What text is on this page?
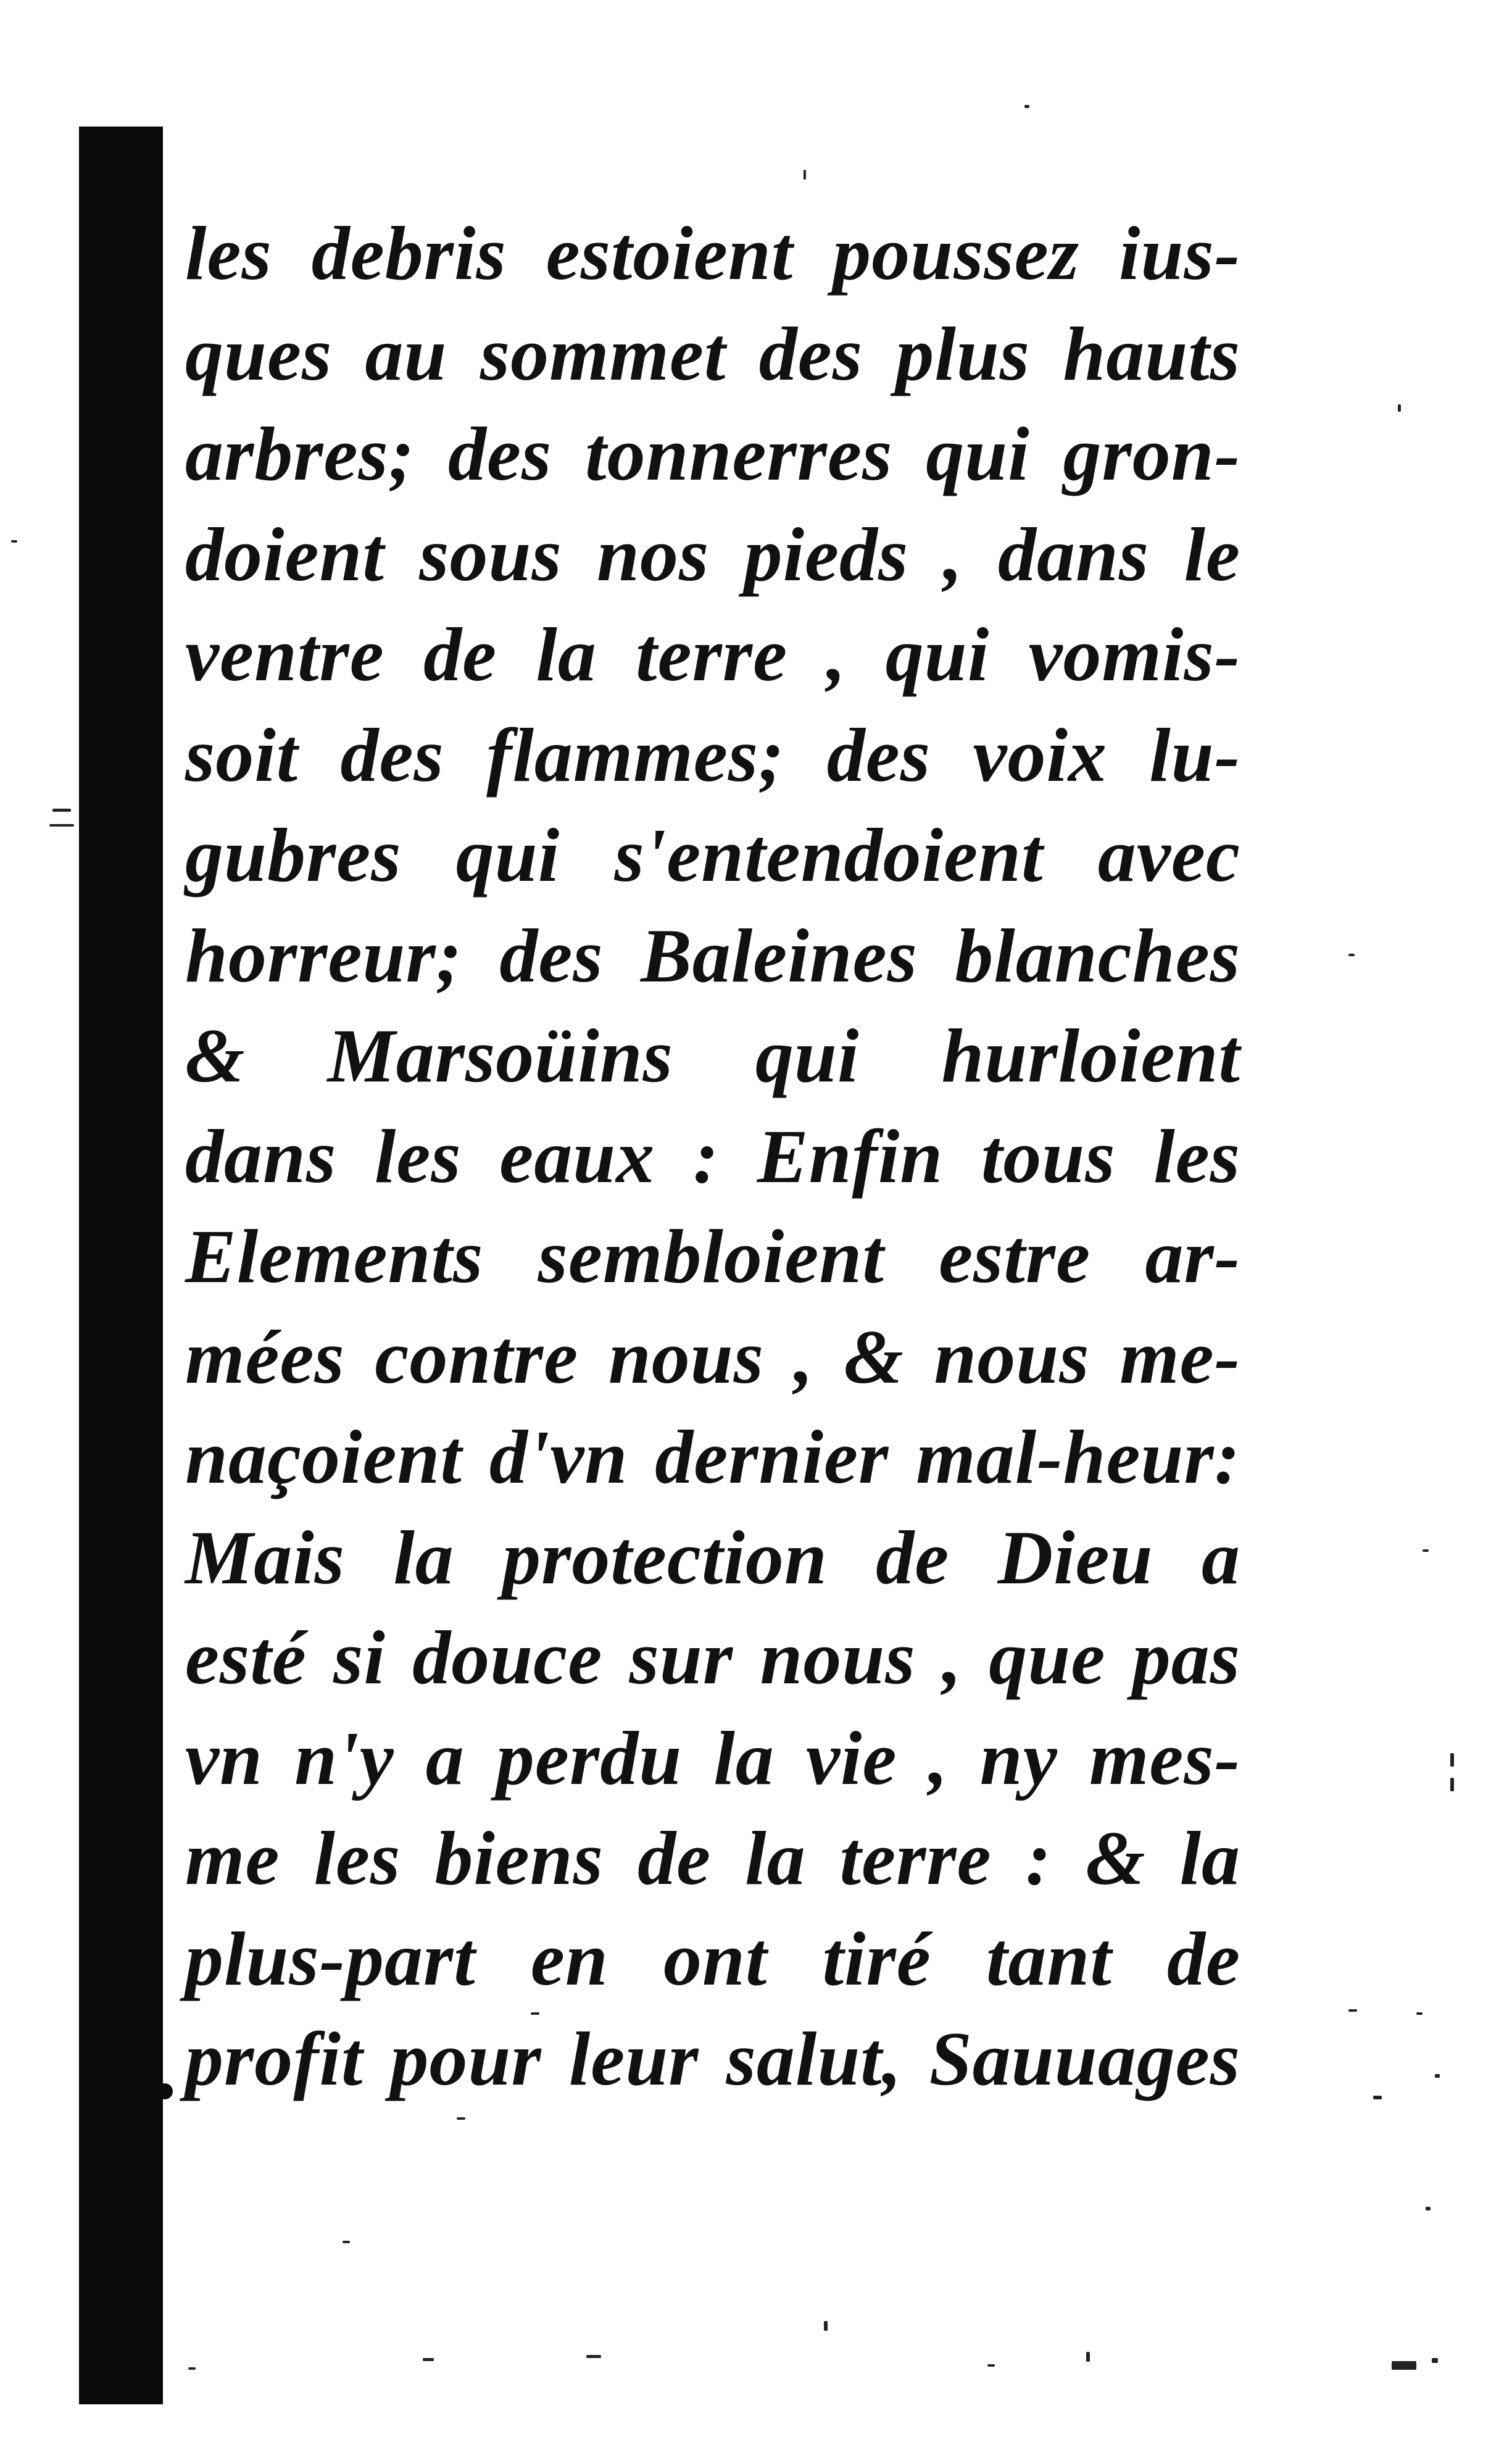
les debris estoient poussez ius-
ques au sommet des plus hauts
arbres; des tonnerres qui gron-
doient sous nos pieds , dans le
ventre de la terre , qui vomis-
soit des flammes; des voix lu-
gubres qui s'entendoient avec
horreur; des Baleines blanches
& Marsoüins qui hurloient
dans les eaux : Enfin tous les
Elements sembloient estre ar-
mées contre nous , & nous me-
naçoient d'vn dernier mal-heur:
Mais la protection de Dieu a
esté si douce sur nous , que pas
vn n'y a perdu la vie , ny mes-
me les biens de la terre : & la
plus-part en ont tiré tant de
profit pour leur salut, Sauuages
